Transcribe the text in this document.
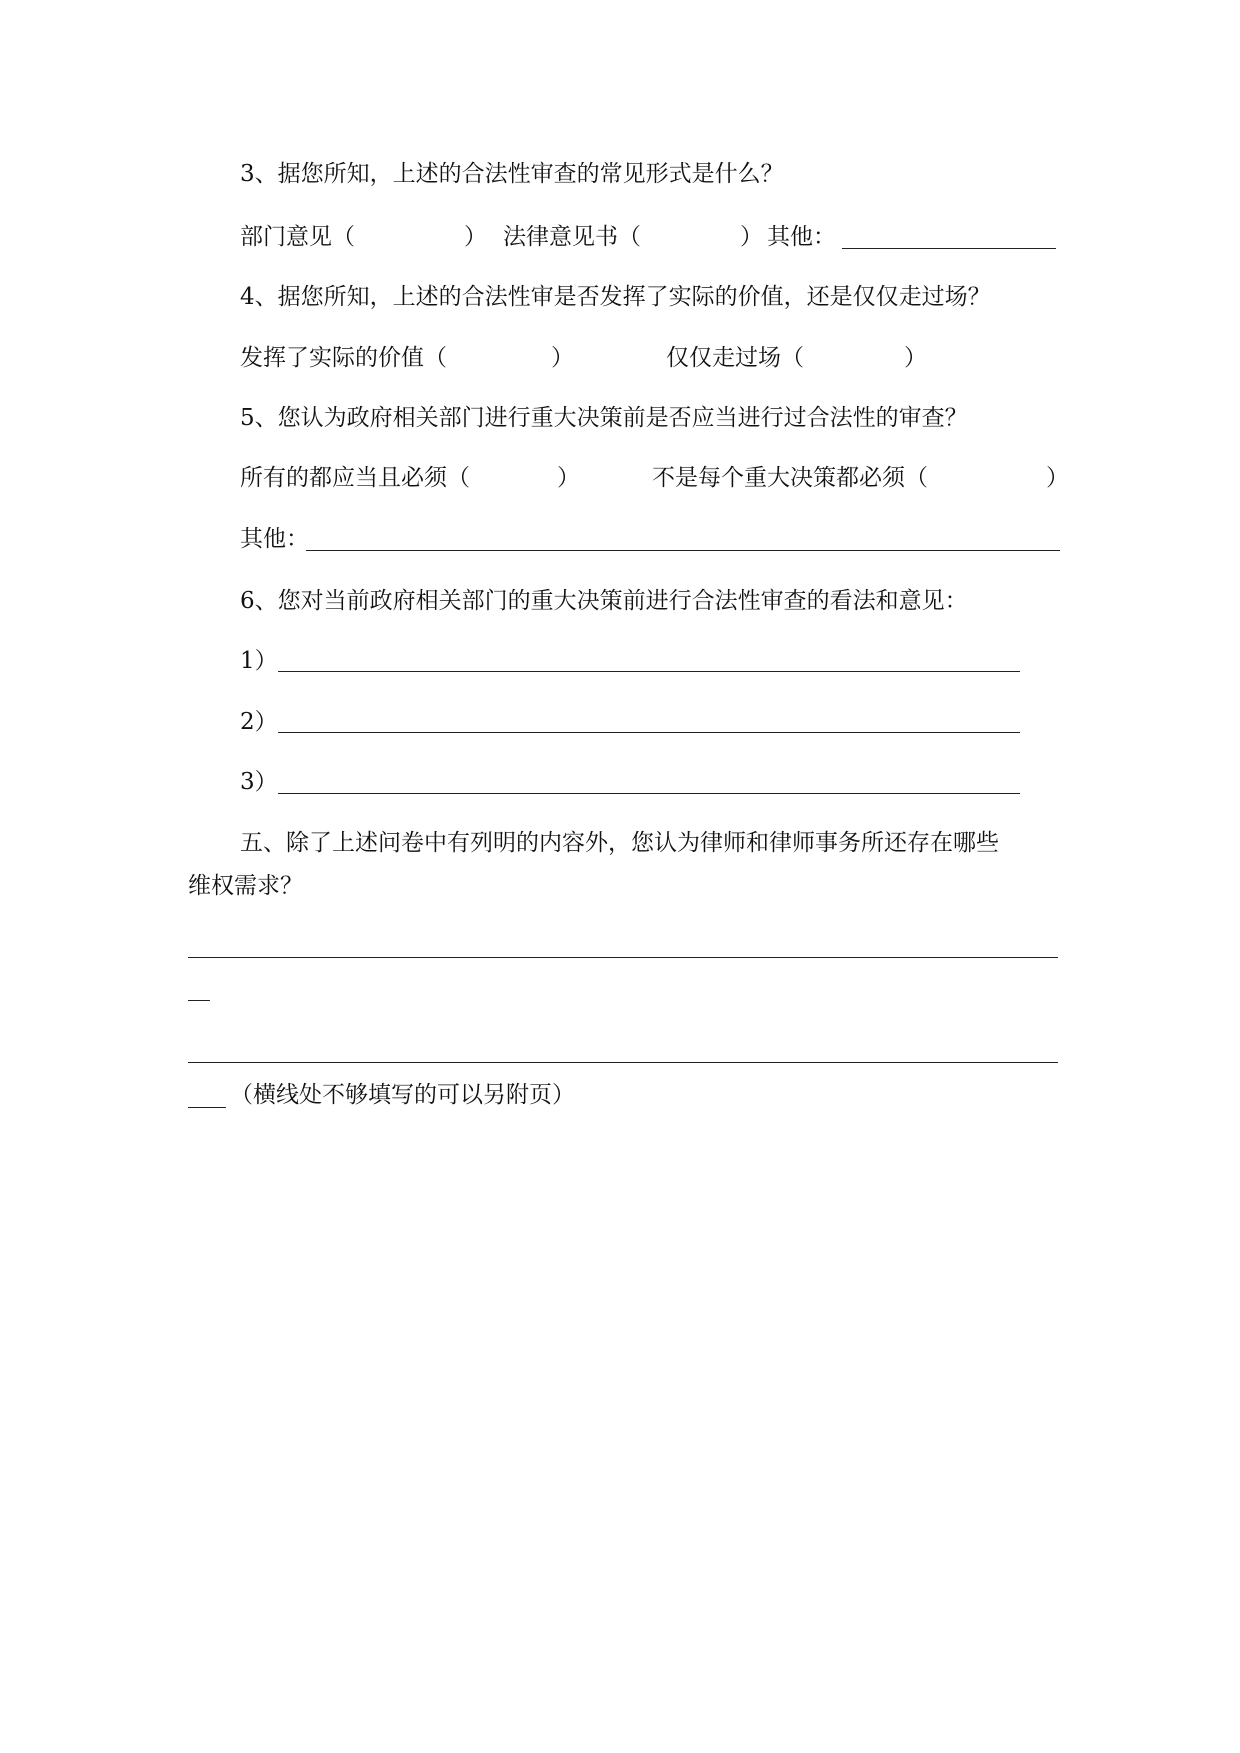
3、据您所知，上述的合法性审查的常见形式是什么？
部门意见（	） 法律意见书（	） 其他：
4、据您所知，上述的合法性审是否发挥了实际的价值，还是仅仅走过场？
发挥了实际的价值（	）	仅仅走过场（	）
5、您认为政府相关部门进行重大决策前是否应当进行过合法性的审查？
所有的都应当且必须（	）	不是每个重大决策都必须（	）
其他：
6、您对当前政府相关部门的重大决策前进行合法性审查的看法和意见：
1）
2）
3）
五、除了上述问卷中有列明的内容外，您认为律师和律师事务所还存在哪些
维权需求？
（横线处不够填写的可以另附页）
